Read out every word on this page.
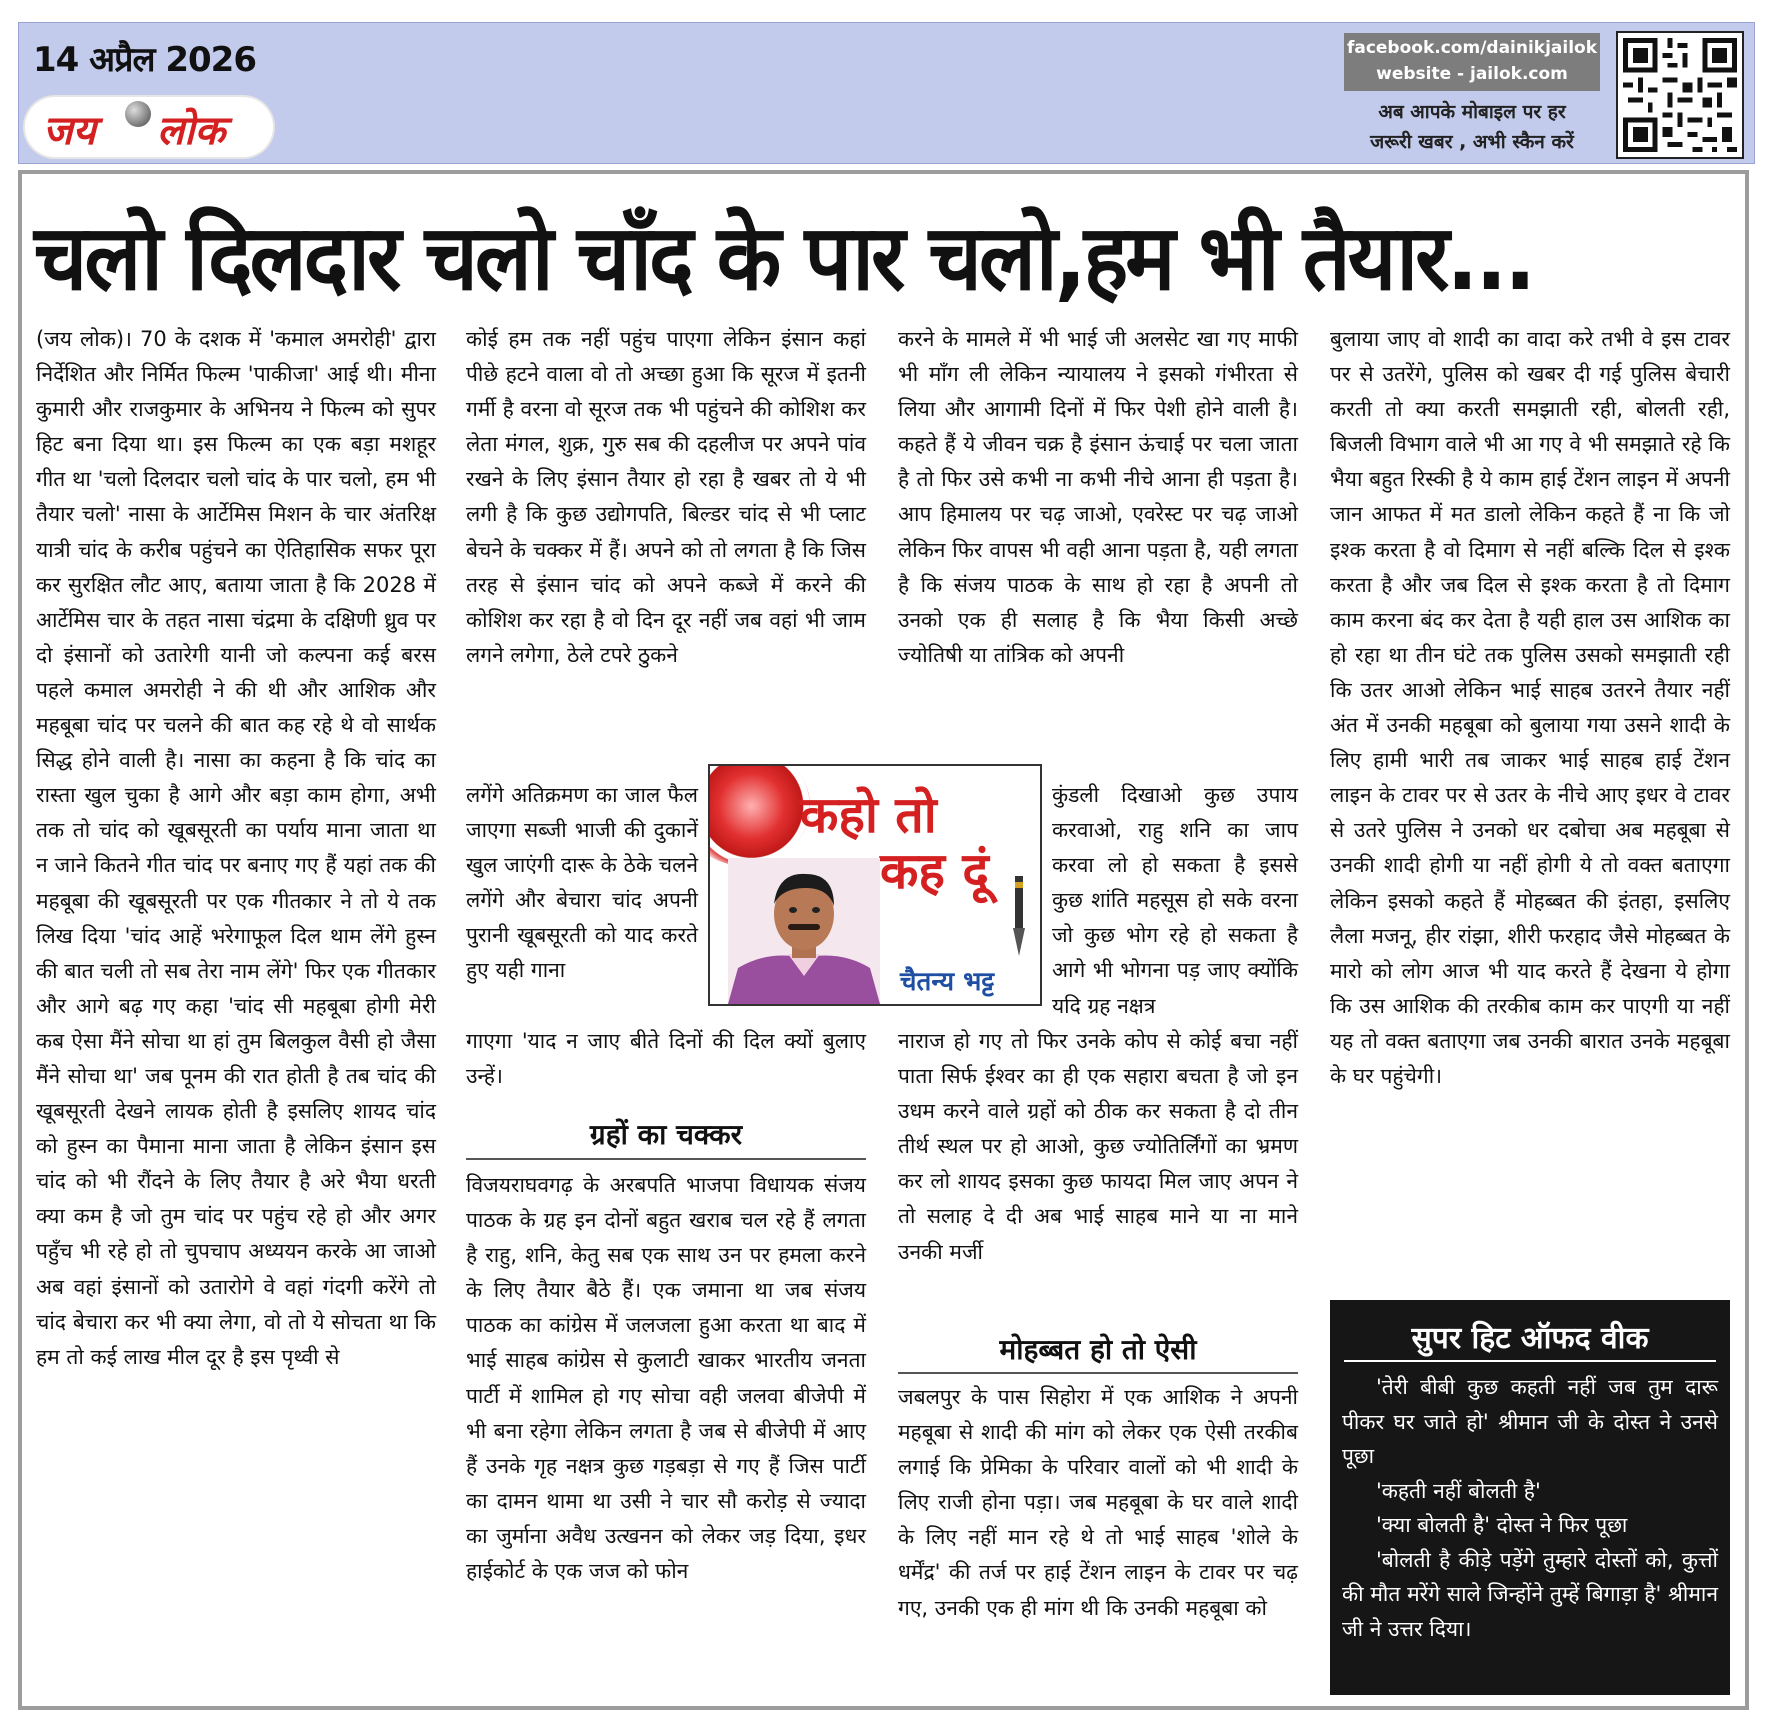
14 अप्रैल 2026
जय लोक
facebook.com/dainikjailok
website - jailok.com
अब आपके मोबाइल पर हर
जरूरी खबर , अभी स्कैन करें
चलो दिलदार चलो चाँद के पार चलो,हम भी तैयार...

(जय लोक)। 70 के दशक में 'कमाल अमरोही' द्वारा निर्देशित और निर्मित फिल्म 'पाकीजा' आई थी। मीना कुमारी और राजकुमार के अभिनय ने फिल्म को सुपर हिट बना दिया था। इस फिल्म का एक बड़ा मशहूर गीत था 'चलो दिलदार चलो चांद के पार चलो, हम भी तैयार चलो' नासा के आर्टेमिस मिशन के चार अंतरिक्ष यात्री चांद के करीब पहुंचने का ऐतिहासिक सफर पूरा कर सुरक्षित लौट आए, बताया जाता है कि 2028 में आर्टेमिस चार के तहत नासा चंद्रमा के दक्षिणी ध्रुव पर दो इंसानों को उतारेगी यानी जो कल्पना कई बरस पहले कमाल अमरोही ने की थी और आशिक और महबूबा चांद पर चलने की बात कह रहे थे वो सार्थक सिद्ध होने वाली है। नासा का कहना है कि चांद का रास्ता खुल चुका है आगे और बड़ा काम होगा, अभी तक तो चांद को खूबसूरती का पर्याय माना जाता था न जाने कितने गीत चांद पर बनाए गए हैं यहां तक की महबूबा की खूबसूरती पर एक गीतकार ने तो ये तक लिख दिया 'चांद आहें भरेगाफूल दिल थाम लेंगे हुस्न की बात चली तो सब तेरा नाम लेंगे' फिर एक गीतकार और आगे बढ़ गए कहा 'चांद सी महबूबा होगी मेरी कब ऐसा मैंने सोचा था हां तुम बिलकुल वैसी हो जैसा मैंने सोचा था' जब पूनम की रात होती है तब चांद की खूबसूरती देखने लायक होती है इसलिए शायद चांद को हुस्न का पैमाना माना जाता है लेकिन इंसान इस चांद को भी रौंदने के लिए तैयार है अरे भैया धरती क्या कम है जो तुम चांद पर पहुंच रहे हो और अगर पहुँच भी रहे हो तो चुपचाप अध्ययन करके आ जाओ अब वहां इंसानों को उतारोगे वे वहां गंदगी करेंगे तो चांद बेचारा कर भी क्या लेगा, वो तो ये सोचता था कि हम तो कई लाख मील दूर है इस पृथ्वी से

कोई हम तक नहीं पहुंच पाएगा लेकिन इंसान कहां पीछे हटने वाला वो तो अच्छा हुआ कि सूरज में इतनी गर्मी है वरना वो सूरज तक भी पहुंचने की कोशिश कर लेता मंगल, शुक्र, गुरु सब की दहलीज पर अपने पांव रखने के लिए इंसान तैयार हो रहा है खबर तो ये भी लगी है कि कुछ उद्योगपति, बिल्डर चांद से भी प्लाट बेचने के चक्कर में हैं। अपने को तो लगता है कि जिस तरह से इंसान चांद को अपने कब्जे में करने की कोशिश कर रहा है वो दिन दूर नहीं जब वहां भी जाम लगने लगेगा, ठेले टपरे ठुकने

लगेंगे अतिक्रमण का जाल फैल जाएगा सब्जी भाजी की दुकानें खुल जाएंगी दारू के ठेके चलने लगेंगे और बेचारा चांद अपनी पुरानी खूबसूरती को याद करते हुए यही गाना

गाएगा 'याद न जाए बीते दिनों की दिल क्यों बुलाए उन्हें।

ग्रहों का चक्कर

विजयराघवगढ़ के अरबपति भाजपा विधायक संजय पाठक के ग्रह इन दोनों बहुत खराब चल रहे हैं लगता है राहु, शनि, केतु सब एक साथ उन पर हमला करने के लिए तैयार बैठे हैं। एक जमाना था जब संजय पाठक का कांग्रेस में जलजला हुआ करता था बाद में भाई साहब कांग्रेस से कुलाटी खाकर भारतीय जनता पार्टी में शामिल हो गए सोचा वही जलवा बीजेपी में भी बना रहेगा लेकिन लगता है जब से बीजेपी में आए हैं उनके गृह नक्षत्र कुछ गड़बड़ा से गए हैं जिस पार्टी का दामन थामा था उसी ने चार सौ करोड़ से ज्यादा का जुर्माना अवैध उत्खनन को लेकर जड़ दिया, इधर हाईकोर्ट के एक जज को फोन

करने के मामले में भी भाई जी अलसेट खा गए माफी भी माँग ली लेकिन न्यायालय ने इसको गंभीरता से लिया और आगामी दिनों में फिर पेशी होने वाली है। कहते हैं ये जीवन चक्र है इंसान ऊंचाई पर चला जाता है तो फिर उसे कभी ना कभी नीचे आना ही पड़ता है। आप हिमालय पर चढ़ जाओ, एवरेस्ट पर चढ़ जाओ लेकिन फिर वापस भी वही आना पड़ता है, यही लगता है कि संजय पाठक के साथ हो रहा है अपनी तो उनको एक ही सलाह है कि भैया किसी अच्छे ज्योतिषी या तांत्रिक को अपनी

कुंडली दिखाओ कुछ उपाय करवाओ, राहु शनि का जाप करवा लो हो सकता है इससे कुछ शांति महसूस हो सके वरना जो कुछ भोग रहे हो सकता है आगे भी भोगना पड़ जाए क्योंकि यदि ग्रह नक्षत्र

नाराज हो गए तो फिर उनके कोप से कोई बचा नहीं पाता सिर्फ ईश्वर का ही एक सहारा बचता है जो इन उधम करने वाले ग्रहों को ठीक कर सकता है दो तीन तीर्थ स्थल पर हो आओ, कुछ ज्योतिर्लिंगों का भ्रमण कर लो शायद इसका कुछ फायदा मिल जाए अपन ने तो सलाह दे दी अब भाई साहब माने या ना माने उनकी मर्जी

मोहब्बत हो तो ऐसी

जबलपुर के पास सिहोरा में एक आशिक ने अपनी महबूबा से शादी की मांग को लेकर एक ऐसी तरकीब लगाई कि प्रेमिका के परिवार वालों को भी शादी के लिए राजी होना पड़ा। जब महबूबा के घर वाले शादी के लिए नहीं मान रहे थे तो भाई साहब 'शोले के धर्मेंद्र' की तर्ज पर हाई टेंशन लाइन के टावर पर चढ़ गए, उनकी एक ही मांग थी कि उनकी महबूबा को

कहो तो
कह दूं
चैतन्य भट्ट

बुलाया जाए वो शादी का वादा करे तभी वे इस टावर पर से उतरेंगे, पुलिस को खबर दी गई पुलिस बेचारी करती तो क्या करती समझाती रही, बोलती रही, बिजली विभाग वाले भी आ गए वे भी समझाते रहे कि भैया बहुत रिस्की है ये काम हाई टेंशन लाइन में अपनी जान आफत में मत डालो लेकिन कहते हैं ना कि जो इश्क करता है वो दिमाग से नहीं बल्कि दिल से इश्क करता है और जब दिल से इश्क करता है तो दिमाग काम करना बंद कर देता है यही हाल उस आशिक का हो रहा था तीन घंटे तक पुलिस उसको समझाती रही कि उतर आओ लेकिन भाई साहब उतरने तैयार नहीं अंत में उनकी महबूबा को बुलाया गया उसने शादी के लिए हामी भारी तब जाकर भाई साहब हाई टेंशन लाइन के टावर पर से उतर के नीचे आए इधर वे टावर से उतरे पुलिस ने उनको धर दबोचा अब महबूबा से उनकी शादी होगी या नहीं होगी ये तो वक्त बताएगा लेकिन इसको कहते हैं मोहब्बत की इंतहा, इसलिए लैला मजनू, हीर रांझा, शीरी फरहाद जैसे मोहब्बत के मारो को लोग आज भी याद करते हैं देखना ये होगा कि उस आशिक की तरकीब काम कर पाएगी या नहीं यह तो वक्त बताएगा जब उनकी बारात उनके महबूबा के घर पहुंचेगी।

सुपर हिट ऑफद वीक

'तेरी बीबी कुछ कहती नहीं जब तुम दारू पीकर घर जाते हो' श्रीमान जी के दोस्त ने उनसे पूछा

'कहती नहीं बोलती है'

'क्या बोलती है' दोस्त ने फिर पूछा

'बोलती है कीड़े पड़ेंगे तुम्हारे दोस्तों को, कुत्तों की मौत मरेंगे साले जिन्होंने तुम्हें बिगाड़ा है' श्रीमान जी ने उत्तर दिया।
